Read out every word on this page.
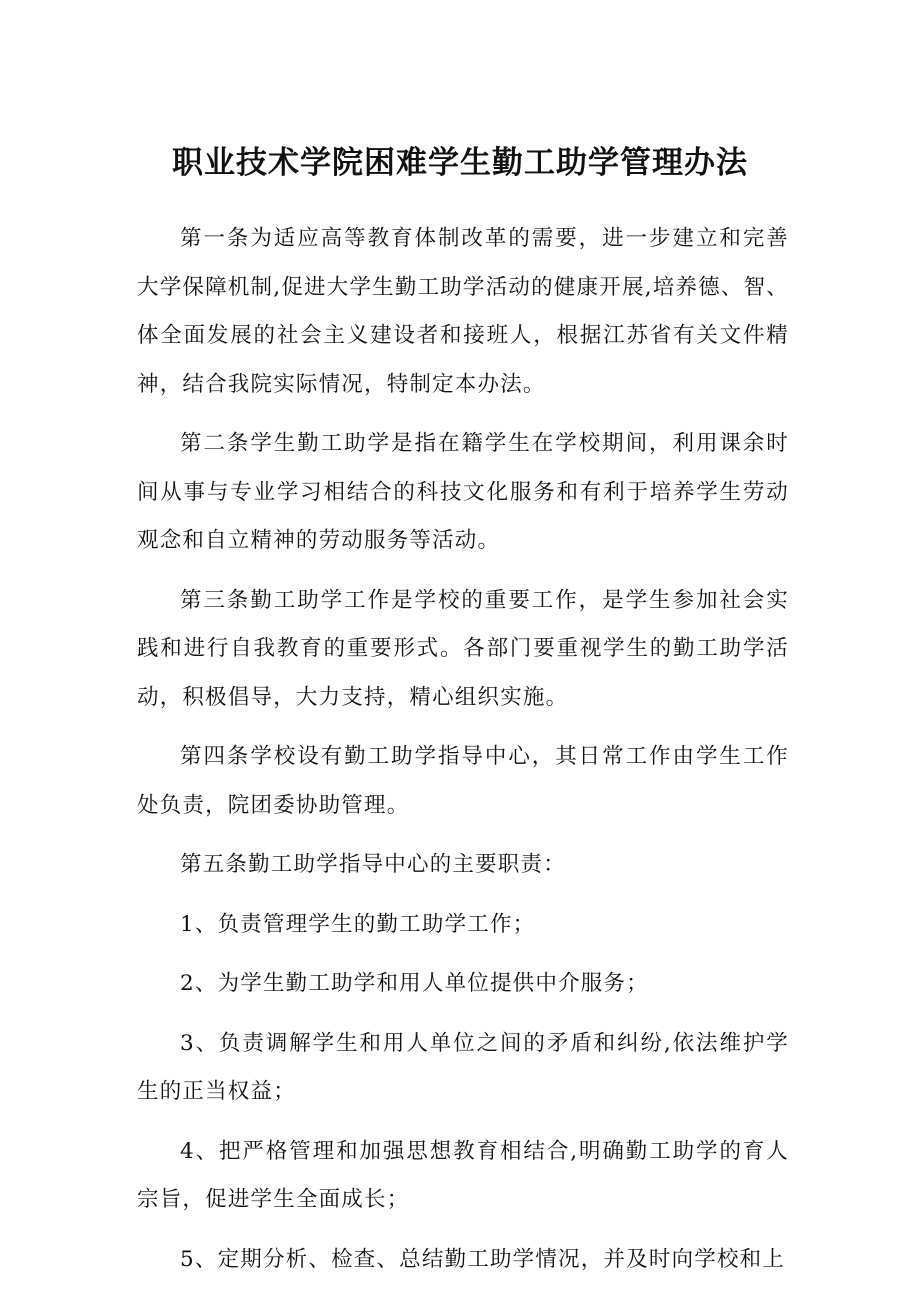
职业技术学院困难学生勤工助学管理办法

第一条为适应高等教育体制改革的需要，进一步建立和完善大学保障机制,促进大学生勤工助学活动的健康开展,培养德、智、体全面发展的社会主义建设者和接班人，根据江苏省有关文件精神，结合我院实际情况，特制定本办法。

第二条学生勤工助学是指在籍学生在学校期间，利用课余时间从事与专业学习相结合的科技文化服务和有利于培养学生劳动观念和自立精神的劳动服务等活动。

第三条勤工助学工作是学校的重要工作，是学生参加社会实践和进行自我教育的重要形式。各部门要重视学生的勤工助学活动，积极倡导，大力支持，精心组织实施。

第四条学校设有勤工助学指导中心，其日常工作由学生工作处负责，院团委协助管理。

第五条勤工助学指导中心的主要职责：

1、负责管理学生的勤工助学工作；

2、为学生勤工助学和用人单位提供中介服务；

3、负责调解学生和用人单位之间的矛盾和纠纷,依法维护学生的正当权益；

4、把严格管理和加强思想教育相结合,明确勤工助学的育人宗旨，促进学生全面成长；

5、定期分析、检查、总结勤工助学情况，并及时向学校和上
